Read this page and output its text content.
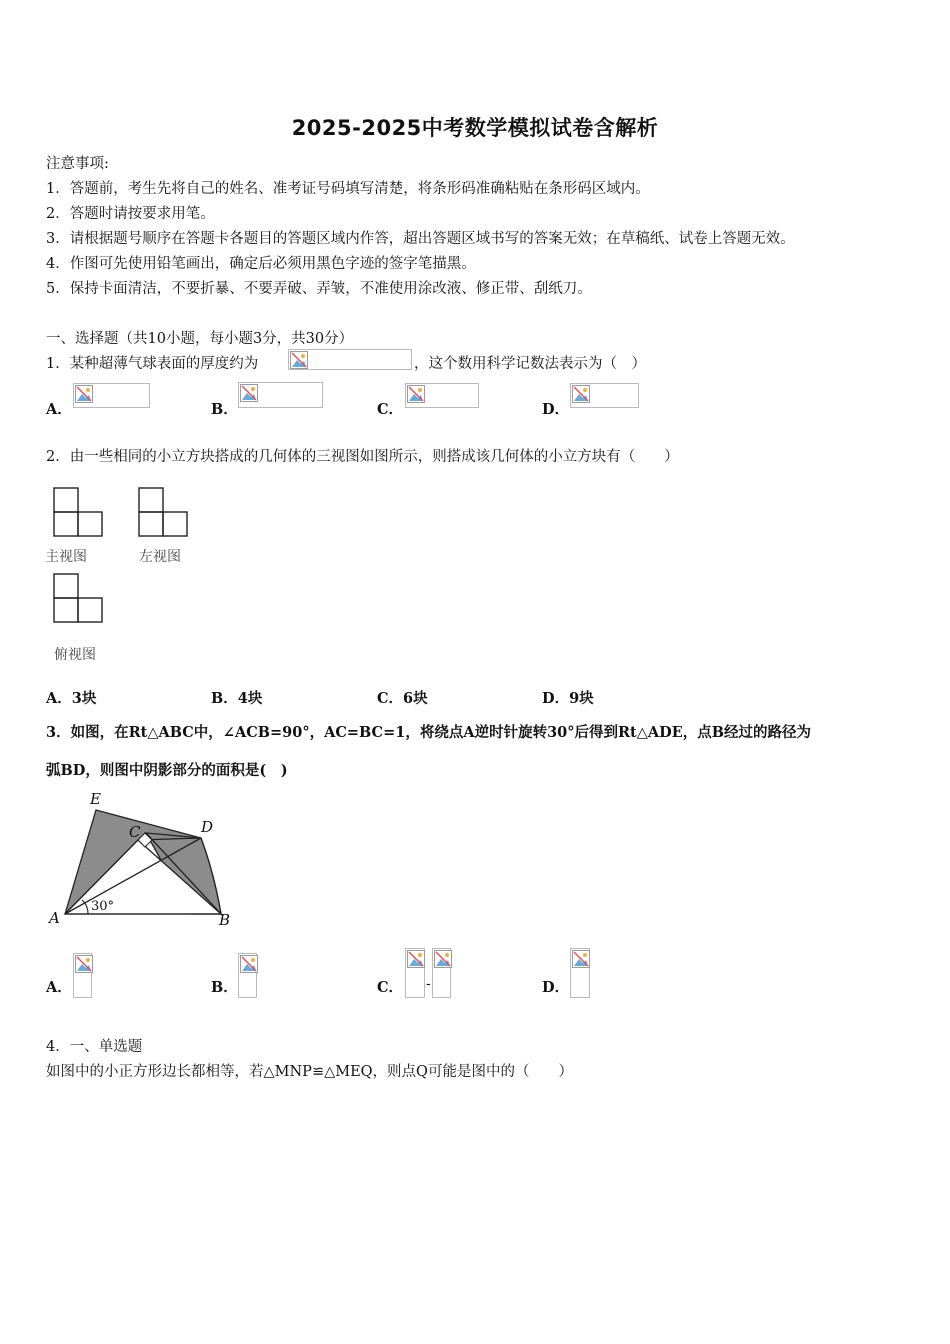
2025-2025中考数学模拟试卷含解析
注意事项:
1．答题前，考生先将自己的姓名、准考证号码填写清楚，将条形码准确粘贴在条形码区域内。
2．答题时请按要求用笔。
3．请根据题号顺序在答题卡各题目的答题区域内作答，超出答题区域书写的答案无效；在草稿纸、试卷上答题无效。
4．作图可先使用铅笔画出，确定后必须用黑色字迹的签字笔描黑。
5．保持卡面清洁，不要折暴、不要弄破、弄皱，不准使用涂改液、修正带、刮纸刀。
一、选择题（共10小题，每小题3分，共30分）
1．某种超薄气球表面的厚度约为	，这个数用科学记数法表示为（　）
A．	B．	C．	D．
2．由一些相同的小立方块搭成的几何体的三视图如图所示，则搭成该几何体的小立方块有（　　）
主视图	左视图
俯视图
A．3块	B．4块	C．6块	D．9块
3．如图，在Rt△ABC中，∠ACB=90°，AC=BC=1，将绕点A逆时针旋转30°后得到Rt△ADE，点B经过的路径为
弧BD，则图中阴影部分的面积是(　)
E
C	D
A	B
30°
A．	B．	C． -	D．
4．一、单选题
如图中的小正方形边长都相等，若△MNP≌△MEQ，则点Q可能是图中的（　　）
